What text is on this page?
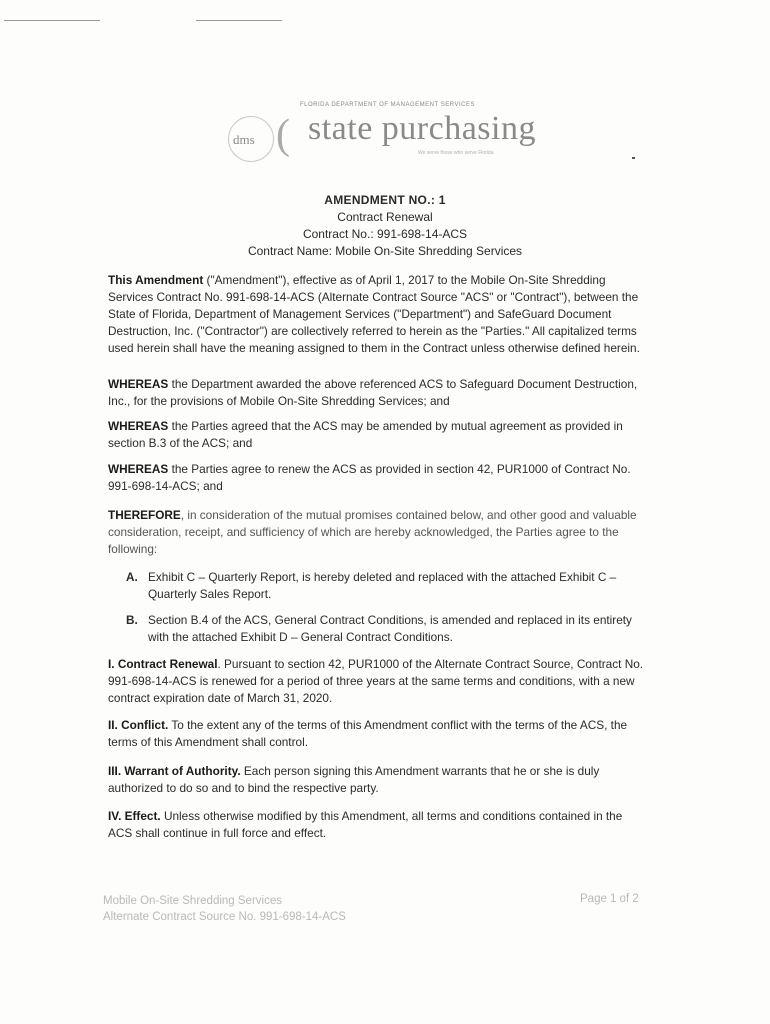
FLORIDA DEPARTMENT OF MANAGEMENT SERVICES
dms ( state purchasing
We serve those who serve Florida
AMENDMENT NO.: 1
Contract Renewal
Contract No.: 991-698-14-ACS
Contract Name: Mobile On-Site Shredding Services

This Amendment ("Amendment"), effective as of April 1, 2017 to the Mobile On-Site Shredding Services Contract No. 991-698-14-ACS (Alternate Contract Source "ACS" or "Contract"), between the State of Florida, Department of Management Services ("Department") and SafeGuard Document Destruction, Inc. ("Contractor") are collectively referred to herein as the "Parties." All capitalized terms used herein shall have the meaning assigned to them in the Contract unless otherwise defined herein.

WHEREAS the Department awarded the above referenced ACS to Safeguard Document Destruction, Inc., for the provisions of Mobile On-Site Shredding Services; and

WHEREAS the Parties agreed that the ACS may be amended by mutual agreement as provided in section B.3 of the ACS; and

WHEREAS the Parties agree to renew the ACS as provided in section 42, PUR1000 of Contract No. 991-698-14-ACS; and

THEREFORE, in consideration of the mutual promises contained below, and other good and valuable consideration, receipt, and sufficiency of which are hereby acknowledged, the Parties agree to the following:

A. Exhibit C – Quarterly Report, is hereby deleted and replaced with the attached Exhibit C – Quarterly Sales Report.
B. Section B.4 of the ACS, General Contract Conditions, is amended and replaced in its entirety with the attached Exhibit D – General Contract Conditions.

I. Contract Renewal. Pursuant to section 42, PUR1000 of the Alternate Contract Source, Contract No. 991-698-14-ACS is renewed for a period of three years at the same terms and conditions, with a new contract expiration date of March 31, 2020.

II. Conflict. To the extent any of the terms of this Amendment conflict with the terms of the ACS, the terms of this Amendment shall control.

III. Warrant of Authority. Each person signing this Amendment warrants that he or she is duly authorized to do so and to bind the respective party.

IV. Effect. Unless otherwise modified by this Amendment, all terms and conditions contained in the ACS shall continue in full force and effect.

Mobile On-Site Shredding Services
Alternate Contract Source No. 991-698-14-ACS
Page 1 of 2
